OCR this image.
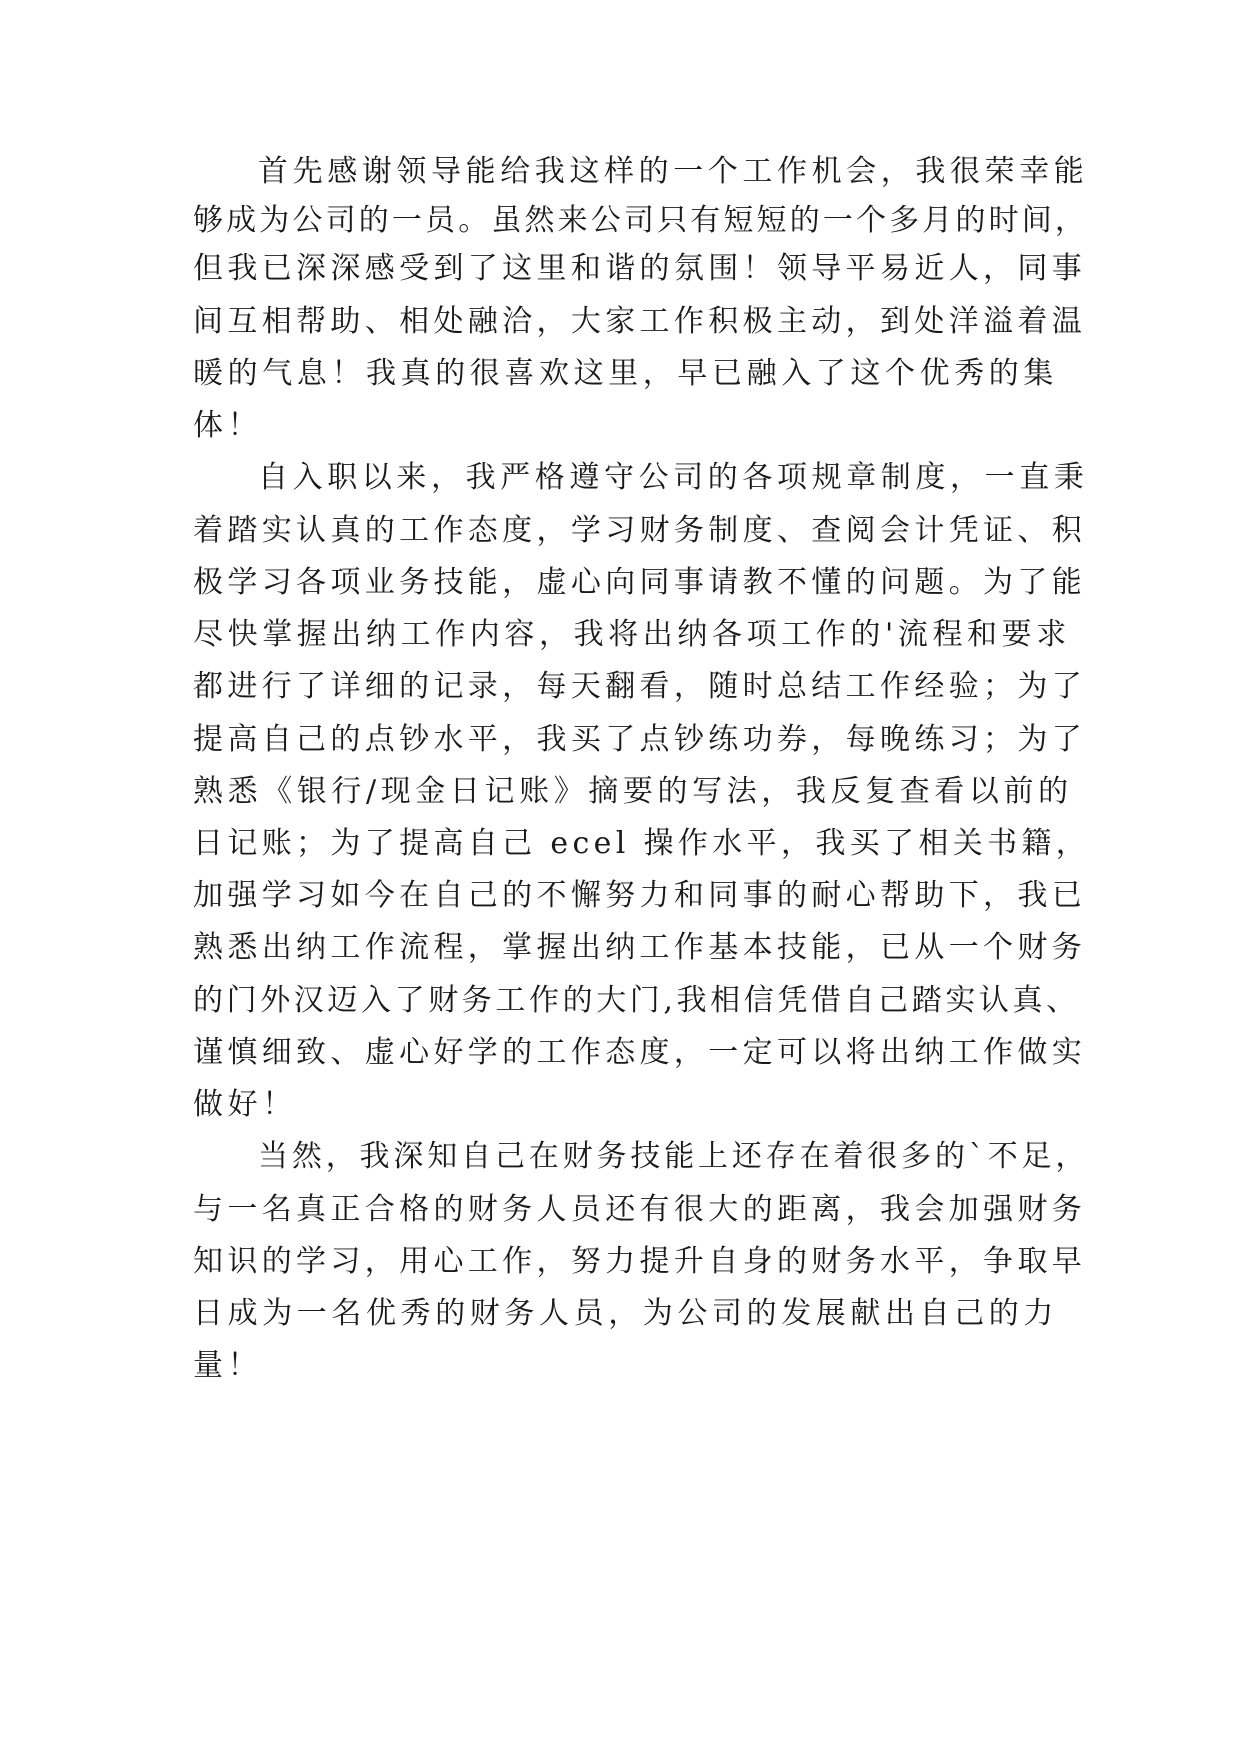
首先感谢领导能给我这样的一个工作机会，我很荣幸能
够成为公司的一员。虽然来公司只有短短的一个多月的时间，
但我已深深感受到了这里和谐的氛围！领导平易近人，同事
间互相帮助、相处融洽，大家工作积极主动，到处洋溢着温
暖的气息！我真的很喜欢这里，早已融入了这个优秀的集
体！
自入职以来，我严格遵守公司的各项规章制度，一直秉
着踏实认真的工作态度，学习财务制度、查阅会计凭证、积
极学习各项业务技能，虚心向同事请教不懂的问题。为了能
尽快掌握出纳工作内容，我将出纳各项工作的'流程和要求
都进行了详细的记录，每天翻看，随时总结工作经验；为了
提高自己的点钞水平，我买了点钞练功券，每晚练习；为了
熟悉《银行/现金日记账》摘要的写法，我反复查看以前的
日记账；为了提高自己 ecel 操作水平，我买了相关书籍，
加强学习如今在自己的不懈努力和同事的耐心帮助下，我已
熟悉出纳工作流程，掌握出纳工作基本技能，已从一个财务
的门外汉迈入了财务工作的大门,我相信凭借自己踏实认真、
谨慎细致、虚心好学的工作态度，一定可以将出纳工作做实
做好！
当然，我深知自己在财务技能上还存在着很多的`不足，
与一名真正合格的财务人员还有很大的距离，我会加强财务
知识的学习，用心工作，努力提升自身的财务水平，争取早
日成为一名优秀的财务人员，为公司的发展献出自己的力
量！
